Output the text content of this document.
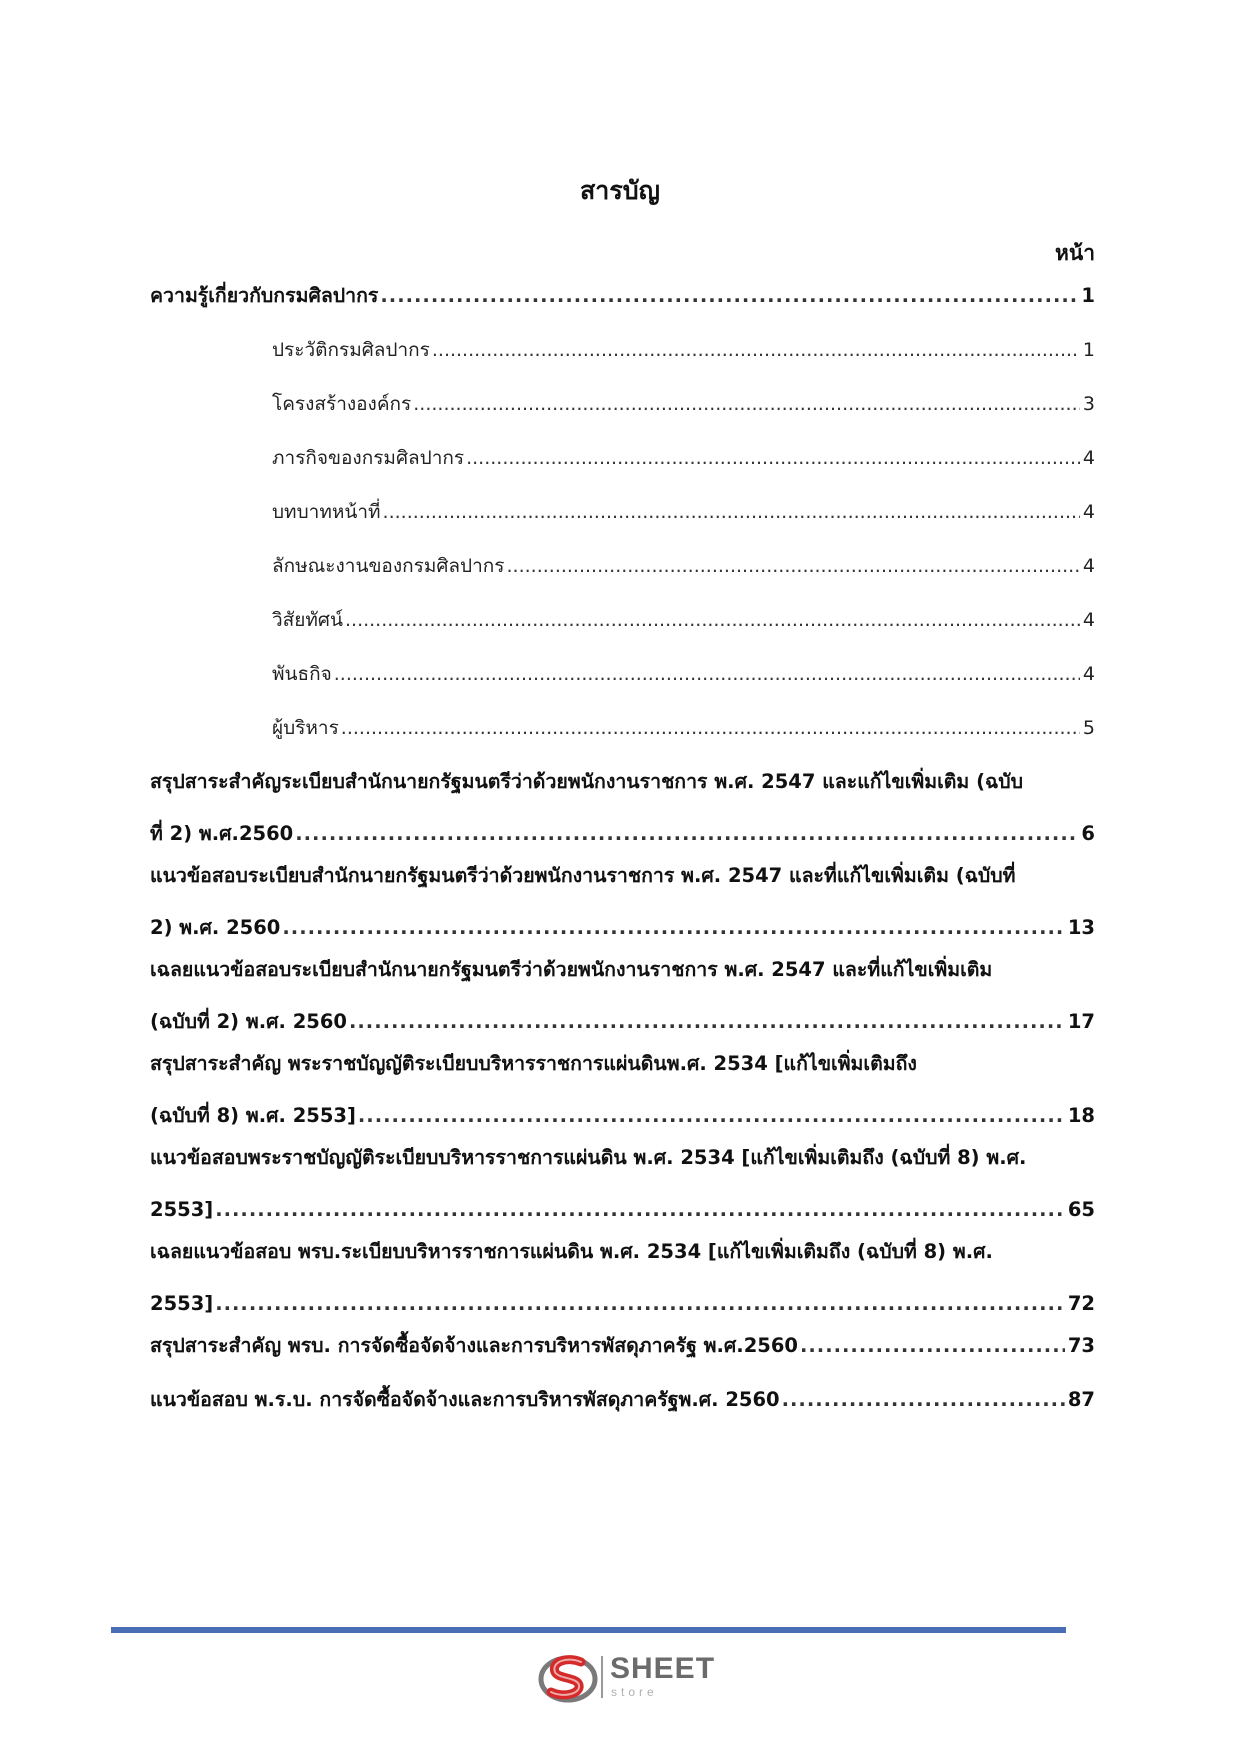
สารบัญ
หน้า
ความรู้เกี่ยวกับกรมศิลปากร .....	1
ประวัติกรมศิลปากร .....	1
โครงสร้างองค์กร .....	3
ภารกิจของกรมศิลปากร .....	4
บทบาทหน้าที่ .....	4
ลักษณะงานของกรมศิลปากร .....	4
วิสัยทัศน์ .....	4
พันธกิจ .....	4
ผู้บริหาร .....	5
สรุปสาระสำคัญระเบียบสำนักนายกรัฐมนตรีว่าด้วยพนักงานราชการ พ.ศ. 2547 และแก้ไขเพิ่มเติม (ฉบับ
ที่ 2) พ.ศ.2560 .....	6
แนวข้อสอบระเบียบสำนักนายกรัฐมนตรีว่าด้วยพนักงานราชการ พ.ศ. 2547 และที่แก้ไขเพิ่มเติม (ฉบับที่
2) พ.ศ. 2560 .....	13
เฉลยแนวข้อสอบระเบียบสำนักนายกรัฐมนตรีว่าด้วยพนักงานราชการ พ.ศ. 2547 และที่แก้ไขเพิ่มเติม
(ฉบับที่ 2) พ.ศ. 2560 .....	17
สรุปสาระสำคัญ พระราชบัญญัติระเบียบบริหารราชการแผ่นดินพ.ศ. 2534 [แก้ไขเพิ่มเติมถึง
(ฉบับที่ 8) พ.ศ. 2553] .....	18
แนวข้อสอบพระราชบัญญัติระเบียบบริหารราชการแผ่นดิน พ.ศ. 2534 [แก้ไขเพิ่มเติมถึง (ฉบับที่ 8) พ.ศ.
2553] .....	65
เฉลยแนวข้อสอบ พรบ.ระเบียบบริหารราชการแผ่นดิน พ.ศ. 2534 [แก้ไขเพิ่มเติมถึง (ฉบับที่ 8) พ.ศ.
2553] .....	72
สรุปสาระสำคัญ พรบ. การจัดซื้อจัดจ้างและการบริหารพัสดุภาครัฐ พ.ศ.2560 .....	73
แนวข้อสอบ พ.ร.บ. การจัดซื้อจัดจ้างและการบริหารพัสดุภาครัฐพ.ศ. 2560 .....	87
SHEET
store
